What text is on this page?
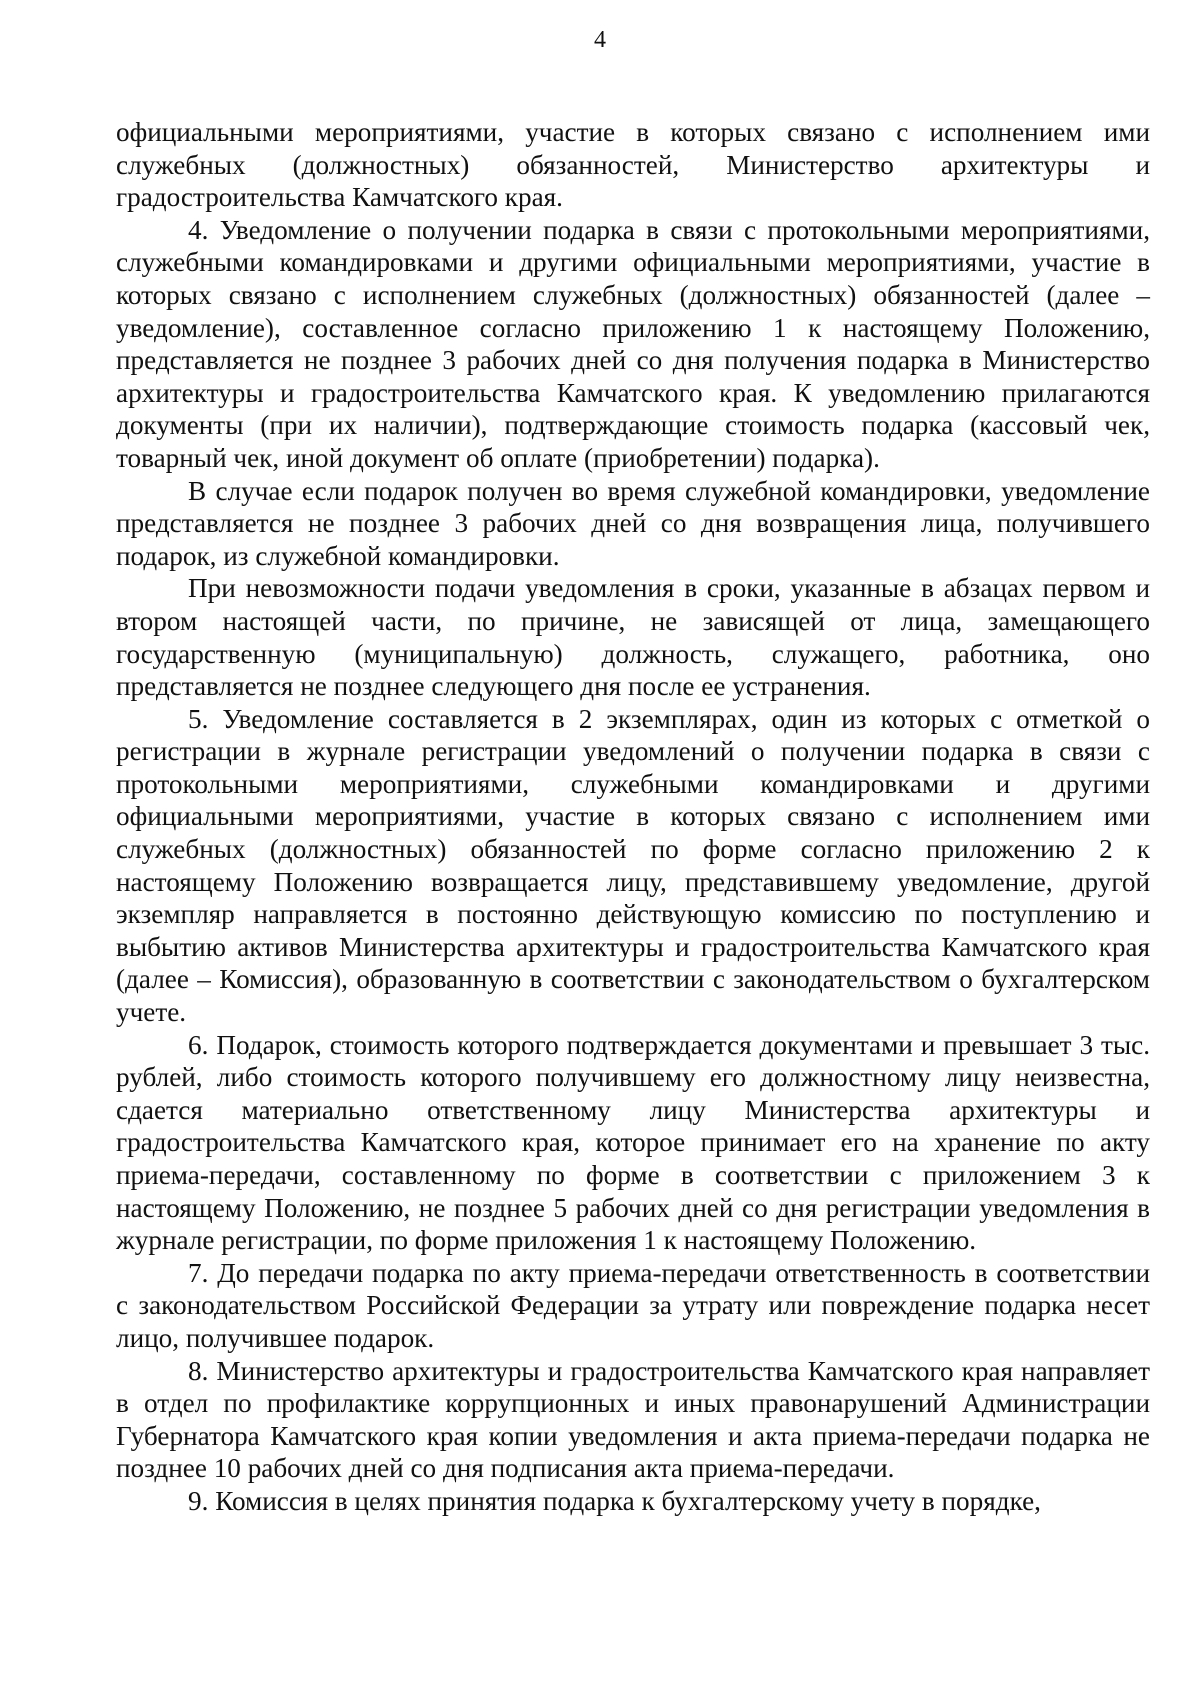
4

официальными мероприятиями, участие в которых связано с исполнением ими служебных (должностных) обязанностей, Министерство архитектуры и градостроительства Камчатского края.

4. Уведомление о получении подарка в связи с протокольными мероприятиями, служебными командировками и другими официальными мероприятиями, участие в которых связано с исполнением служебных (должностных) обязанностей (далее – уведомление), составленное согласно приложению 1 к настоящему Положению, представляется не позднее 3 рабочих дней со дня получения подарка в Министерство архитектуры и градостроительства Камчатского края. К уведомлению прилагаются документы (при их наличии), подтверждающие стоимость подарка (кассовый чек, товарный чек, иной документ об оплате (приобретении) подарка).

В случае если подарок получен во время служебной командировки, уведомление представляется не позднее 3 рабочих дней со дня возвращения лица, получившего подарок, из служебной командировки.

При невозможности подачи уведомления в сроки, указанные в абзацах первом и втором настоящей части, по причине, не зависящей от лица, замещающего государственную (муниципальную) должность, служащего, работника, оно представляется не позднее следующего дня после ее устранения.

5. Уведомление составляется в 2 экземплярах, один из которых с отметкой о регистрации в журнале регистрации уведомлений о получении подарка в связи с протокольными мероприятиями, служебными командировками и другими официальными мероприятиями, участие в которых связано с исполнением ими служебных (должностных) обязанностей по форме согласно приложению 2 к настоящему Положению возвращается лицу, представившему уведомление, другой экземпляр направляется в постоянно действующую комиссию по поступлению и выбытию активов Министерства архитектуры и градостроительства Камчатского края (далее – Комиссия), образованную в соответствии с законодательством о бухгалтерском учете.

6. Подарок, стоимость которого подтверждается документами и превышает 3 тыс. рублей, либо стоимость которого получившему его должностному лицу неизвестна, сдается материально ответственному лицу Министерства архитектуры и градостроительства Камчатского края, которое принимает его на хранение по акту приема-передачи, составленному по форме в соответствии с приложением 3 к настоящему Положению, не позднее 5 рабочих дней со дня регистрации уведомления в журнале регистрации, по форме приложения 1 к настоящему Положению.

7. До передачи подарка по акту приема-передачи ответственность в соответствии с законодательством Российской Федерации за утрату или повреждение подарка несет лицо, получившее подарок.

8. Министерство архитектуры и градостроительства Камчатского края направляет в отдел по профилактике коррупционных и иных правонарушений Администрации Губернатора Камчатского края копии уведомления и акта приема-передачи подарка не позднее 10 рабочих дней со дня подписания акта приема-передачи.

9. Комиссия в целях принятия подарка к бухгалтерскому учету в порядке,
